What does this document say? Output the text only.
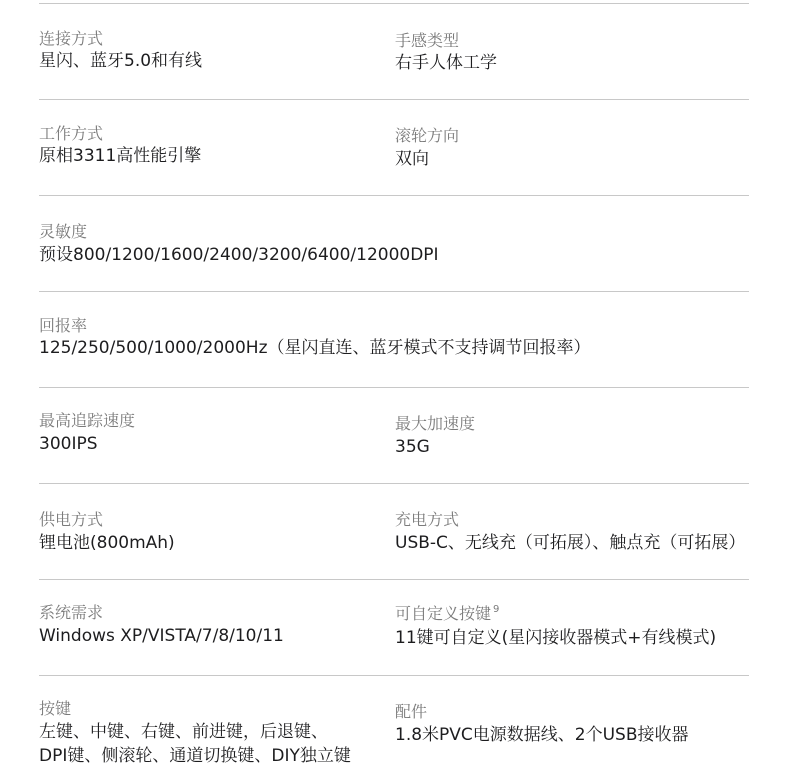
连接方式
星闪、蓝牙5.0和有线
手感类型
右手人体工学
工作方式
原相3311高性能引擎
滚轮方向
双向
灵敏度
预设800/1200/1600/2400/3200/6400/12000DPI
回报率
125/250/500/1000/2000Hz（星闪直连、蓝牙模式不支持调节回报率）
最高追踪速度
300IPS
最大加速度
35G
供电方式
锂电池(800mAh)
充电方式
USB-C、无线充（可拓展）、触点充（可拓展）
系统需求
Windows XP/VISTA/7/8/10/11
可自定义按键 $^9$
11键可自定义(星闪接收器模式+有线模式)
按键
左键、中键、右键、前进键，后退键、
DPI键、侧滚轮、通道切换键、DIY独立键
配件
1.8米PVC电源数据线、2个USB接收器
